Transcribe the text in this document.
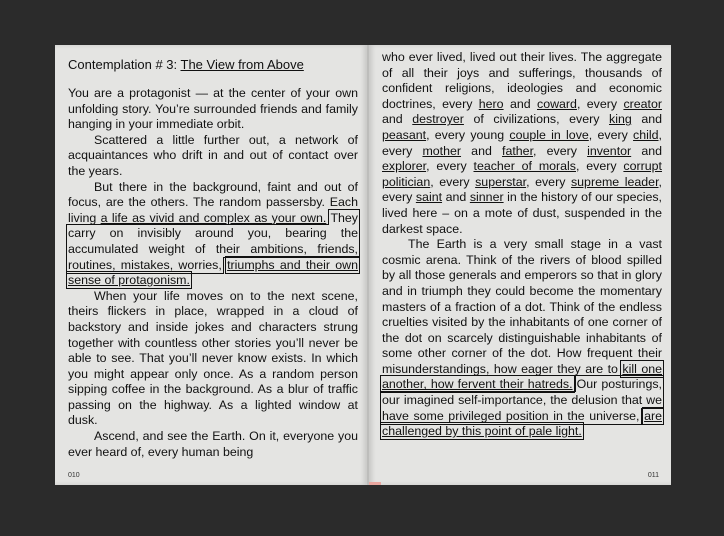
Contemplation # 3: The View from Above

You are a protagonist — at the center of your own unfolding story. You’re surrounded friends and family hanging in your immediate orbit.

Scattered a little further out, a network of acquaintances who drift in and out of contact over the years.

But there in the background, faint and out of focus, are the others. The random passersby. Each living a life as vivid and complex as your own. They carry on invisibly around you, bearing the accumulated weight of their ambitions, friends, routines, mistakes, worries, triumphs and their own sense of protagonism.

When your life moves on to the next scene, theirs flickers in place, wrapped in a cloud of backstory and inside jokes and characters strung together with countless other stories you’ll never be able to see. That you’ll never know exists. In which you might appear only once. As a random person sipping coffee in the background. As a blur of traffic passing on the highway. As a lighted window at dusk.

Ascend, and see the Earth. On it, everyone you ever heard of, every human being

010

who ever lived, lived out their lives. The aggregate of all their joys and sufferings, thousands of confident religions, ideologies and economic doctrines, every hero and coward, every creator and destroyer of civilizations, every king and peasant, every young couple in love, every child, every mother and father, every inventor and explorer, every teacher of morals, every corrupt politician, every superstar, every supreme leader, every saint and sinner in the history of our species, lived here – on a mote of dust, suspended in the darkest space.

The Earth is a very small stage in a vast cosmic arena. Think of the rivers of blood spilled by all those generals and emperors so that in glory and in triumph they could become the momentary masters of a fraction of a dot. Think of the endless cruelties visited by the inhabitants of one corner of the dot on scarcely distinguishable inhabitants of some other corner of the dot. How frequent their misunderstandings, how eager they are to kill one another, how fervent their hatreds. Our posturings, our imagined self-importance, the delusion that we have some privileged position in the universe, are challenged by this point of pale light.

011
